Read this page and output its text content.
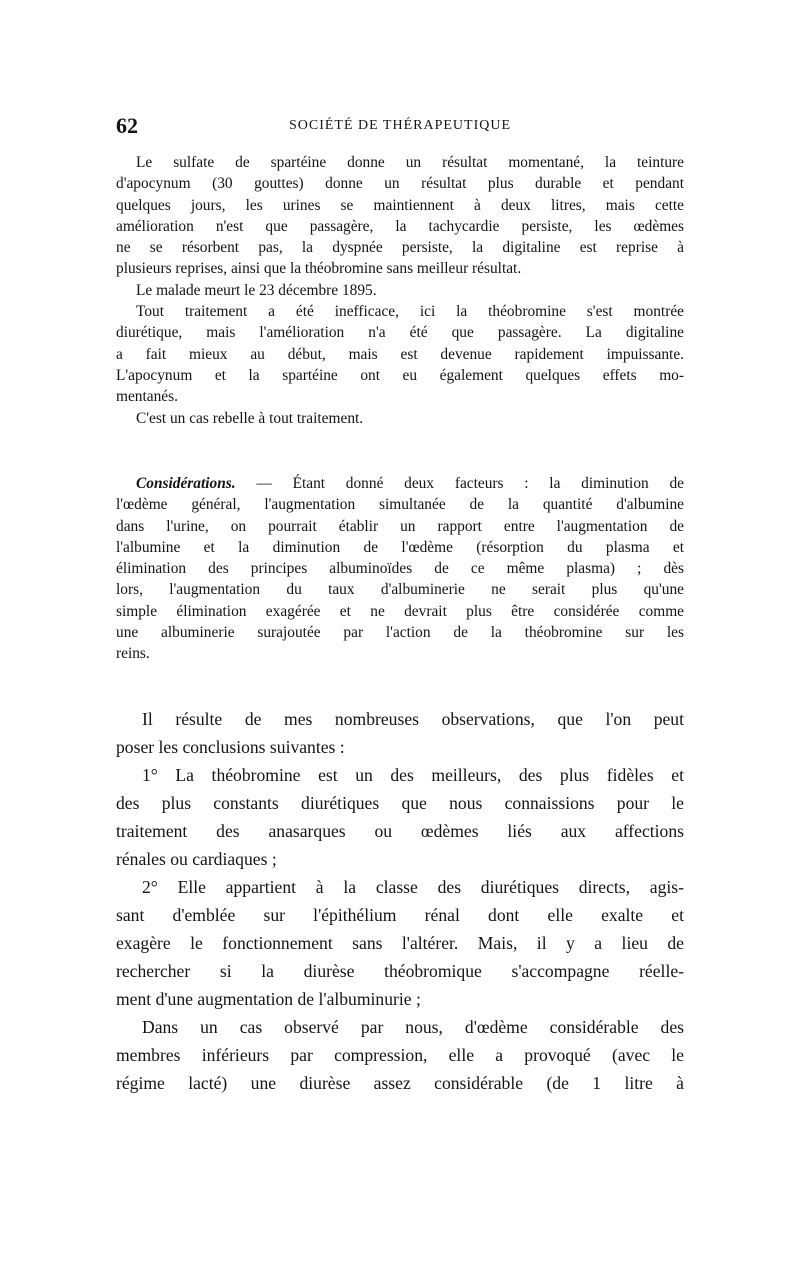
62	SOCIÉTÉ DE THÉRAPEUTIQUE

Le sulfate de spartéine donne un résultat momentané, la teinture

d'apocynum (30 gouttes) donne un résultat plus durable et pendant

quelques jours, les urines se maintiennent à deux litres, mais cette

amélioration n'est que passagère, la tachycardie persiste, les œdèmes

ne se résorbent pas, la dyspnée persiste, la digitaline est reprise à

plusieurs reprises, ainsi que la théobromine sans meilleur résultat.

Le malade meurt le 23 décembre 1895.

Tout traitement a été inefficace, ici la théobromine s'est montrée

diurétique, mais l'amélioration n'a été que passagère. La digitaline

a fait mieux au début, mais est devenue rapidement impuissante.

L'apocynum et la spartéine ont eu également quelques effets mo-

mentanés.

C'est un cas rebelle à tout traitement.

Considérations. — Étant donné deux facteurs : la diminution de

l'œdème général, l'augmentation simultanée de la quantité d'albumine

dans l'urine, on pourrait établir un rapport entre l'augmentation de

l'albumine et la diminution de l'œdème (résorption du plasma et

élimination des principes albuminoïdes de ce même plasma) ; dès

lors, l'augmentation du taux d'albuminerie ne serait plus qu'une

simple élimination exagérée et ne devrait plus être considérée comme

une albuminerie surajoutée par l'action de la théobromine sur les

reins.

Il résulte de mes nombreuses observations, que l'on peut

poser les conclusions suivantes :

1° La théobromine est un des meilleurs, des plus fidèles et

des plus constants diurétiques que nous connaissions pour le

traitement des anasarques ou œdèmes liés aux affections

rénales ou cardiaques ;

2° Elle appartient à la classe des diurétiques directs, agis-

sant d'emblée sur l'épithélium rénal dont elle exalte et

exagère le fonctionnement sans l'altérer. Mais, il y a lieu de

rechercher si la diurèse théobromique s'accompagne réelle-

ment d'une augmentation de l'albuminurie ;

Dans un cas observé par nous, d'œdème considérable des

membres inférieurs par compression, elle a provoqué (avec le

régime lacté) une diurèse assez considérable (de 1 litre à
